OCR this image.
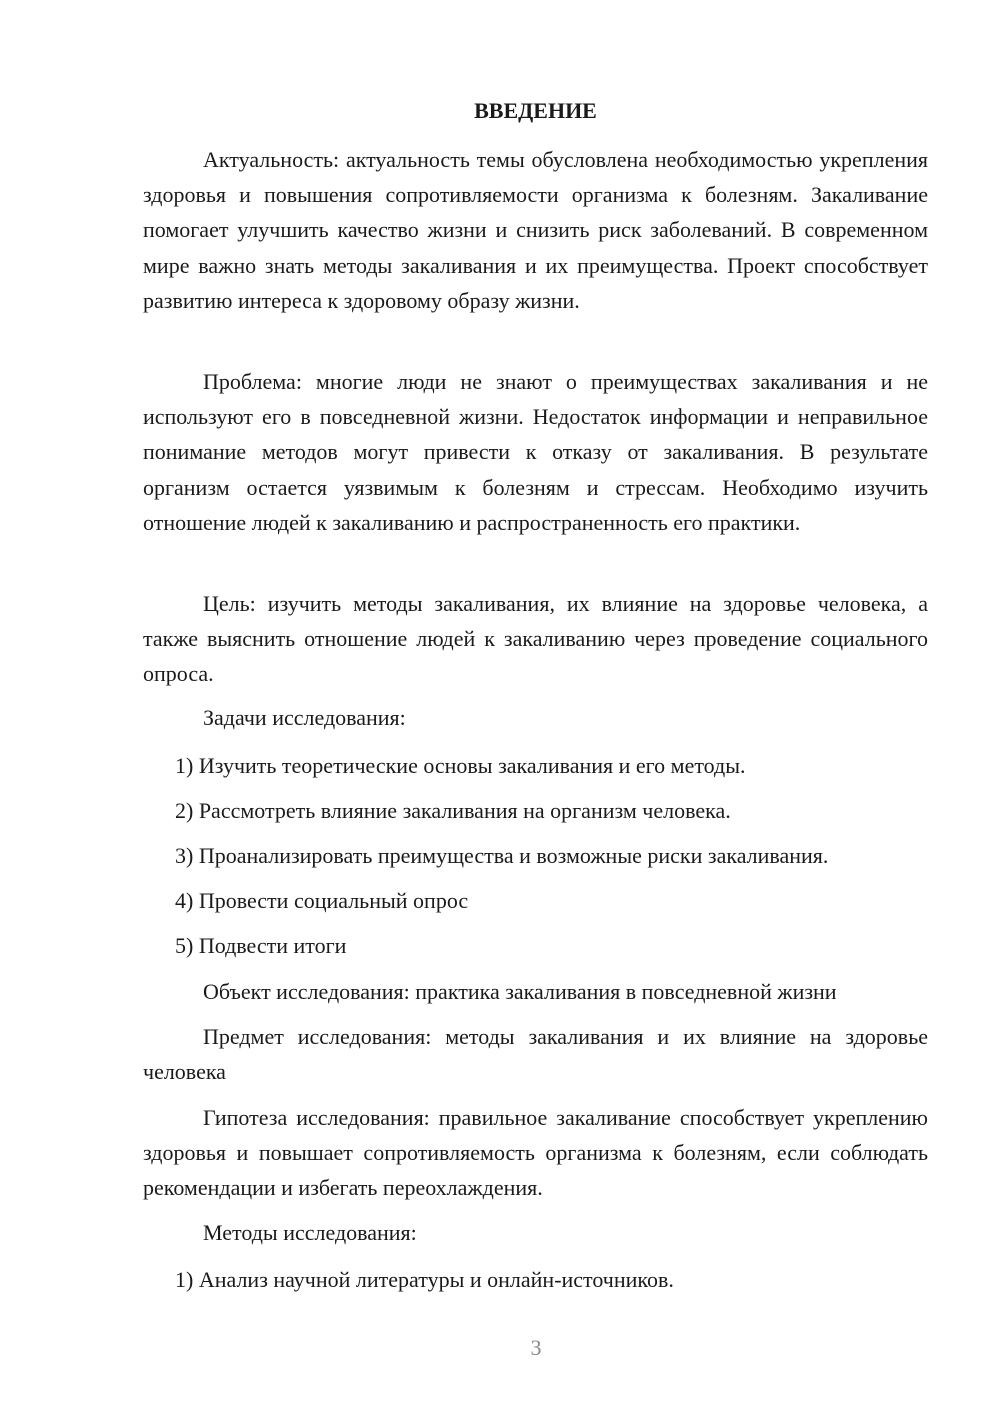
ВВЕДЕНИЕ

Актуальность: актуальность темы обусловлена необходимостью укрепления здоровья и повышения сопротивляемости организма к болезням. Закаливание помогает улучшить качество жизни и снизить риск заболеваний. В современном мире важно знать методы закаливания и их преимущества. Проект способствует развитию интереса к здоровому образу жизни.

Проблема: многие люди не знают о преимуществах закаливания и не используют его в повседневной жизни. Недостаток информации и неправильное понимание методов могут привести к отказу от закаливания. В результате организм остается уязвимым к болезням и стрессам. Необходимо изучить отношение людей к закаливанию и распространенность его практики.

Цель: изучить методы закаливания, их влияние на здоровье человека, а также выяснить отношение людей к закаливанию через проведение социального опроса.

Задачи исследования:
1) Изучить теоретические основы закаливания и его методы.
2) Рассмотреть влияние закаливания на организм человека.
3) Проанализировать преимущества и возможные риски закаливания.
4) Провести социальный опрос
5) Подвести итоги
Объект исследования: практика закаливания в повседневной жизни

Предмет исследования: методы закаливания и их влияние на здоровье человека

Гипотеза исследования: правильное закаливание способствует укреплению здоровья и повышает сопротивляемость организма к болезням, если соблюдать рекомендации и избегать переохлаждения.

Методы исследования:
1) Анализ научной литературы и онлайн-источников.
3
